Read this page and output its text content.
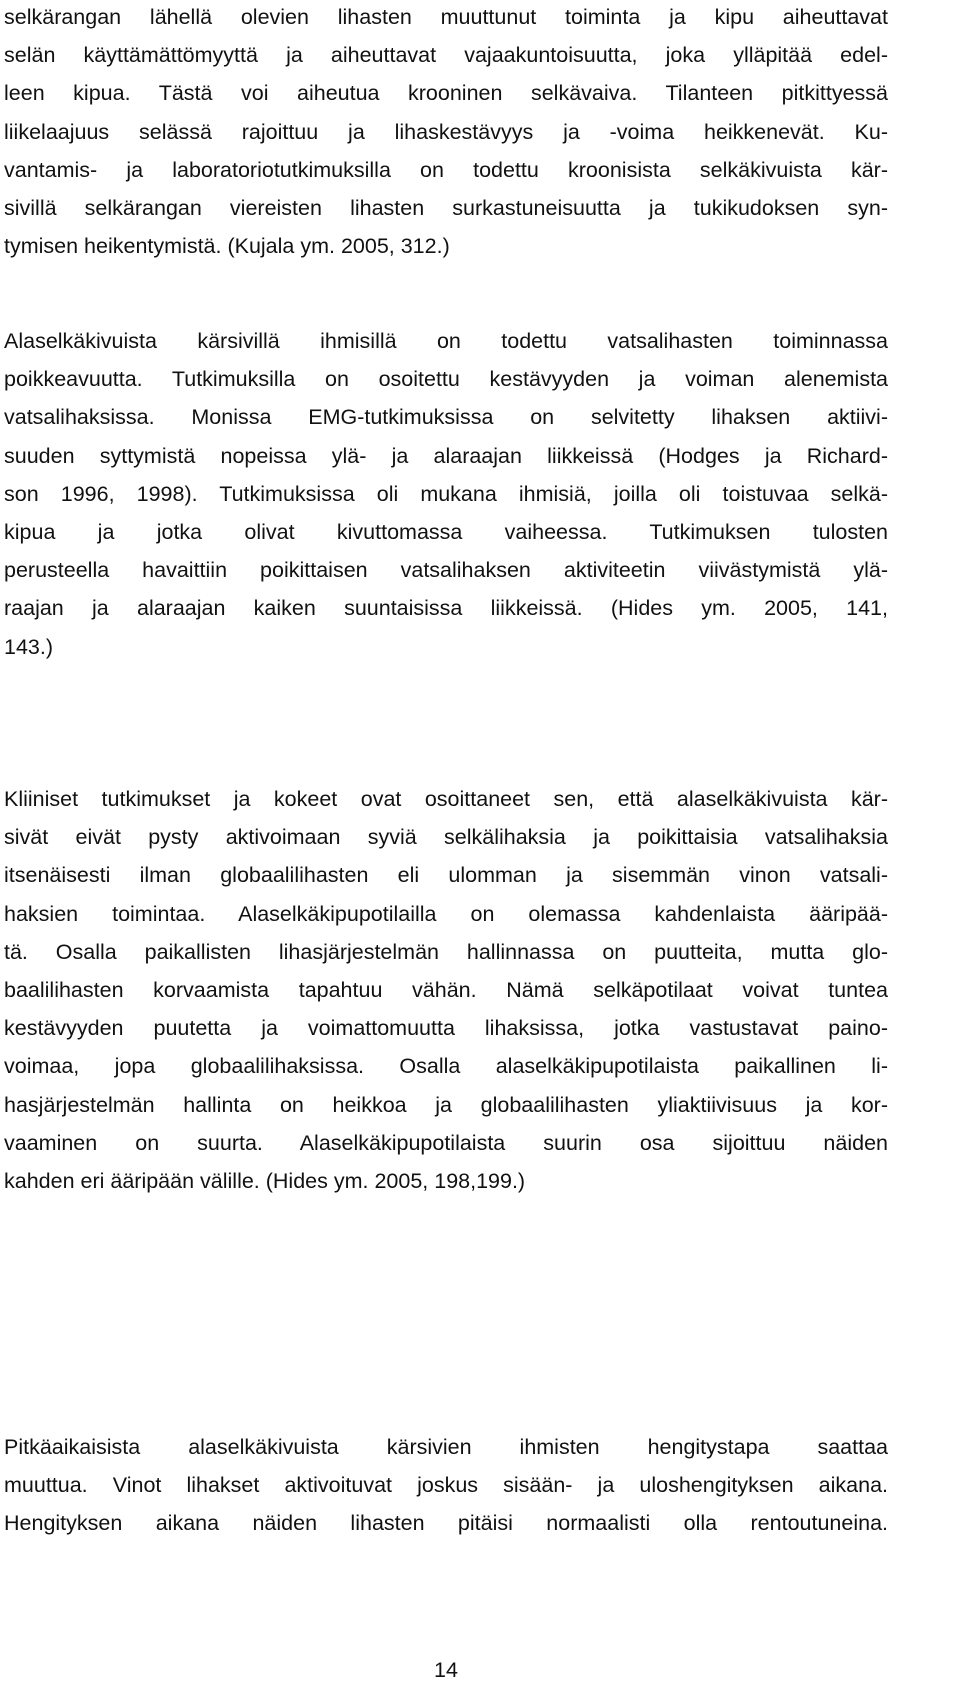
selkärangan lähellä olevien lihasten muuttunut toiminta ja kipu aiheuttavat
selän käyttämättömyyttä ja aiheuttavat vajaakuntoisuutta, joka ylläpitää edel-
leen kipua. Tästä voi aiheutua krooninen selkävaiva. Tilanteen pitkittyessä
liikelaajuus selässä rajoittuu ja lihaskestävyys ja -voima heikkenevät. Ku-
vantamis- ja laboratoriotutkimuksilla on todettu kroonisista selkäkivuista kär-
sivillä selkärangan viereisten lihasten surkastuneisuutta ja tukikudoksen syn-
tymisen heikentymistä. (Kujala ym. 2005, 312.)
Alaselkäkivuista kärsivillä ihmisillä on todettu vatsalihasten toiminnassa
poikkeavuutta. Tutkimuksilla on osoitettu kestävyyden ja voiman alenemista
vatsalihaksissa. Monissa EMG-tutkimuksissa on selvitetty lihaksen aktiivi-
suuden syttymistä nopeissa ylä- ja alaraajan liikkeissä (Hodges ja Richard-
son 1996, 1998). Tutkimuksissa oli mukana ihmisiä, joilla oli toistuvaa selkä-
kipua ja jotka olivat kivuttomassa vaiheessa. Tutkimuksen tulosten
perusteella havaittiin poikittaisen vatsalihaksen aktiviteetin viivästymistä ylä-
raajan ja alaraajan kaiken suuntaisissa liikkeissä. (Hides ym. 2005, 141,
143.)
Kliiniset tutkimukset ja kokeet ovat osoittaneet sen, että alaselkäkivuista kär-
sivät eivät pysty aktivoimaan syviä selkälihaksia ja poikittaisia vatsalihaksia
itsenäisesti ilman globaalilihasten eli ulomman ja sisemmän vinon vatsali-
haksien toimintaa. Alaselkäkipupotilailla on olemassa kahdenlaista ääripää-
tä. Osalla paikallisten lihasjärjestelmän hallinnassa on puutteita, mutta glo-
baalilihasten korvaamista tapahtuu vähän. Nämä selkäpotilaat voivat tuntea
kestävyyden puutetta ja voimattomuutta lihaksissa, jotka vastustavat paino-
voimaa, jopa globaalilihaksissa. Osalla alaselkäkipupotilaista paikallinen li-
hasjärjestelmän hallinta on heikkoa ja globaalilihasten yliaktiivisuus ja kor-
vaaminen on suurta. Alaselkäkipupotilaista suurin osa sijoittuu näiden
kahden eri ääripään välille. (Hides ym. 2005, 198,199.)
Pitkäaikaisista alaselkäkivuista kärsivien ihmisten hengitystapa saattaa
muuttua. Vinot lihakset aktivoituvat joskus sisään- ja uloshengityksen aikana.
Hengityksen aikana näiden lihasten pitäisi normaalisti olla rentoutuneina.
14
